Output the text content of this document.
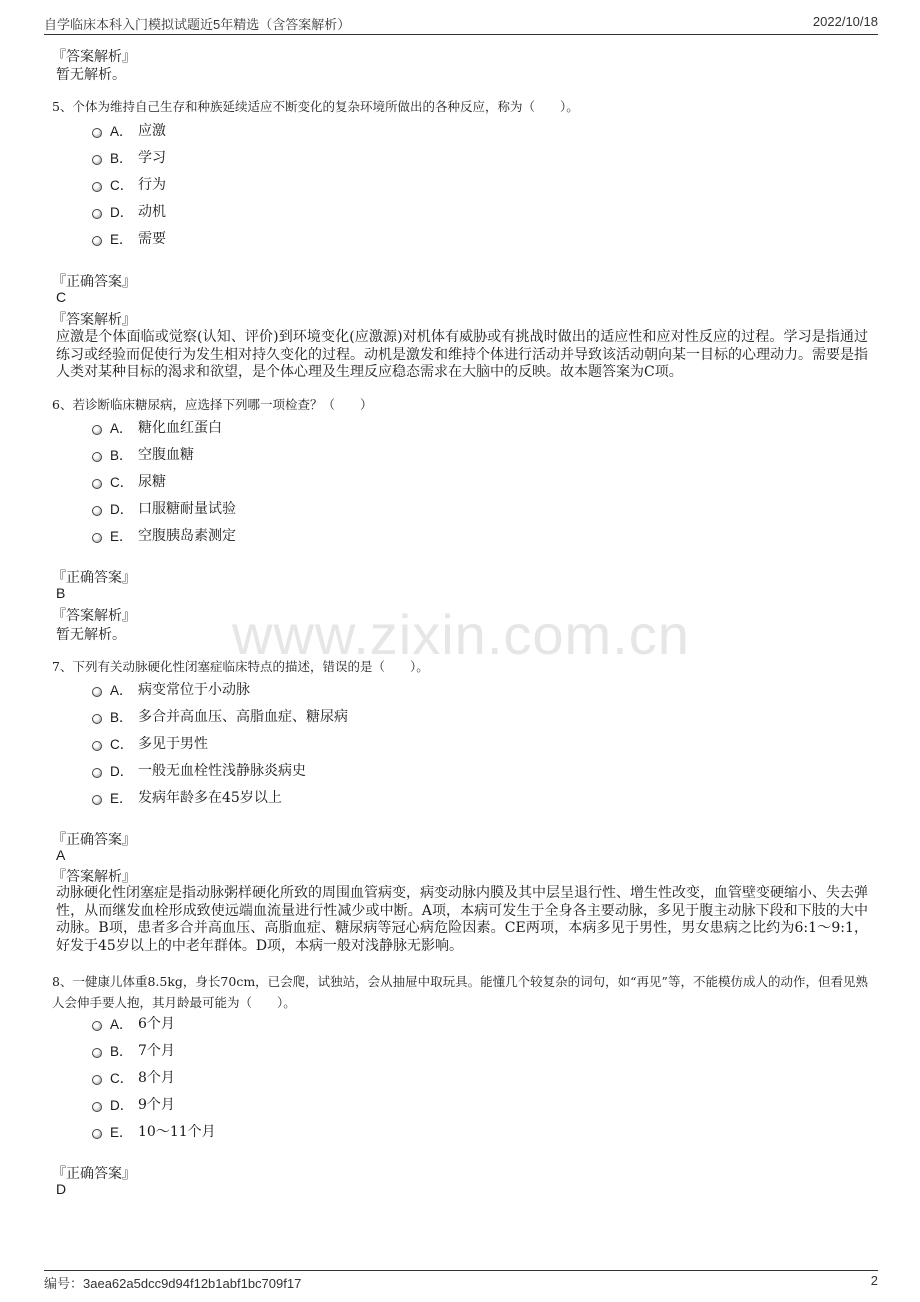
自学临床本科入门模拟试题近5年精选（含答案解析）	2022/10/18
www.zixin.com.cn
『答案解析』
暂无解析。
5、个体为维持自己生存和种族延续适应不断变化的复杂环境所做出的各种反应，称为（　　）。
A． 应激
B． 学习
C． 行为
D． 动机
E． 需要
『正确答案』
C
『答案解析』
应激是个体面临或觉察(认知、评价)到环境变化(应激源)对机体有威胁或有挑战时做出的适应性和应对性反应的过程。学习是指通过练习或经验而促使行为发生相对持久变化的过程。动机是激发和维持个体进行活动并导致该活动朝向某一目标的心理动力。需要是指人类对某种目标的渴求和欲望，是个体心理及生理反应稳态需求在大脑中的反映。故本题答案为C项。
6、若诊断临床糖尿病，应选择下列哪一项检查？（　　）
A． 糖化血红蛋白
B． 空腹血糖
C． 尿糖
D． 口服糖耐量试验
E． 空腹胰岛素测定
『正确答案』
B
『答案解析』
暂无解析。
7、下列有关动脉硬化性闭塞症临床特点的描述，错误的是（　　）。
A． 病变常位于小动脉
B． 多合并高血压、高脂血症、糖尿病
C． 多见于男性
D． 一般无血栓性浅静脉炎病史
E． 发病年龄多在45岁以上
『正确答案』
A
『答案解析』
动脉硬化性闭塞症是指动脉粥样硬化所致的周围血管病变，病变动脉内膜及其中层呈退行性、增生性改变，血管壁变硬缩小、失去弹性，从而继发血栓形成致使远端血流量进行性减少或中断。A项，本病可发生于全身各主要动脉，多见于腹主动脉下段和下肢的大中动脉。B项，患者多合并高血压、高脂血症、糖尿病等冠心病危险因素。CE两项，本病多见于男性，男女患病之比约为6:1～9:1，好发于45岁以上的中老年群体。D项，本病一般对浅静脉无影响。
8、一健康儿体重8.5kg，身长70cm，已会爬，试独站，会从抽屉中取玩具。能懂几个较复杂的词句，如“再见”等，不能模仿成人的动作，但看见熟人会伸手要人抱，其月龄最可能为（　　）。
A． 6个月
B． 7个月
C． 8个月
D． 9个月
E． 10～11个月
『正确答案』
D
编号：3aea62a5dcc9d94f12b1abf1bc709f17	2
